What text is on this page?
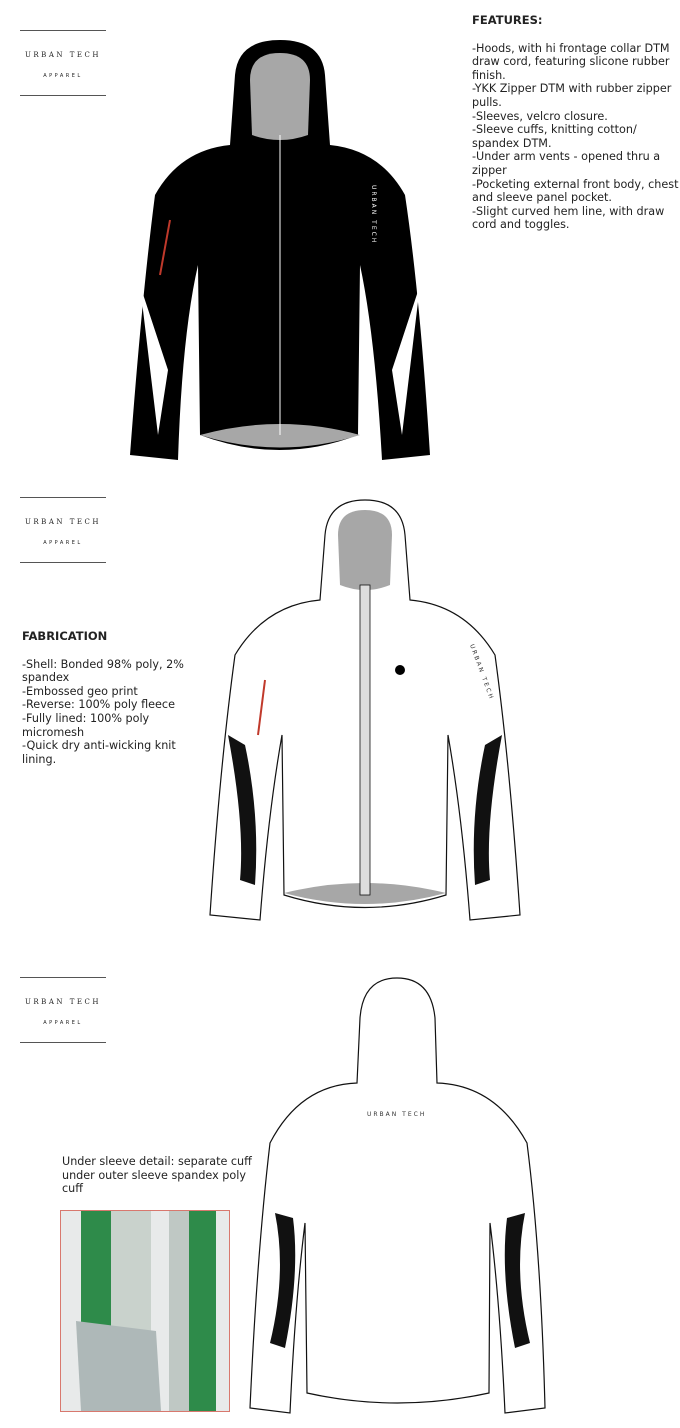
URBAN TECH
APPAREL
URBAN TECH
APPAREL
URBAN TECH
APPAREL
FEATURES:

-Hoods, with hi frontage collar DTM draw cord, featuring slicone rubber finish.
-YKK Zipper DTM with rubber zipper pulls.
-Sleeves, velcro closure.
-Sleeve cuffs, knitting cotton/ spandex DTM.
-Under arm vents - opened thru a zipper
-Pocketing external front body, chest and sleeve panel pocket.
-Slight curved hem line, with draw cord and toggles.

FABRICATION

-Shell: Bonded 98% poly, 2% spandex
-Embossed geo print
-Reverse: 100% poly fleece
-Fully lined: 100% poly micromesh
-Quick dry anti-wicking knit lining.

Under sleeve detail: separate cuff under outer sleeve spandex poly cuff

URBAN TECH
URBAN TECH
URBAN TECH
